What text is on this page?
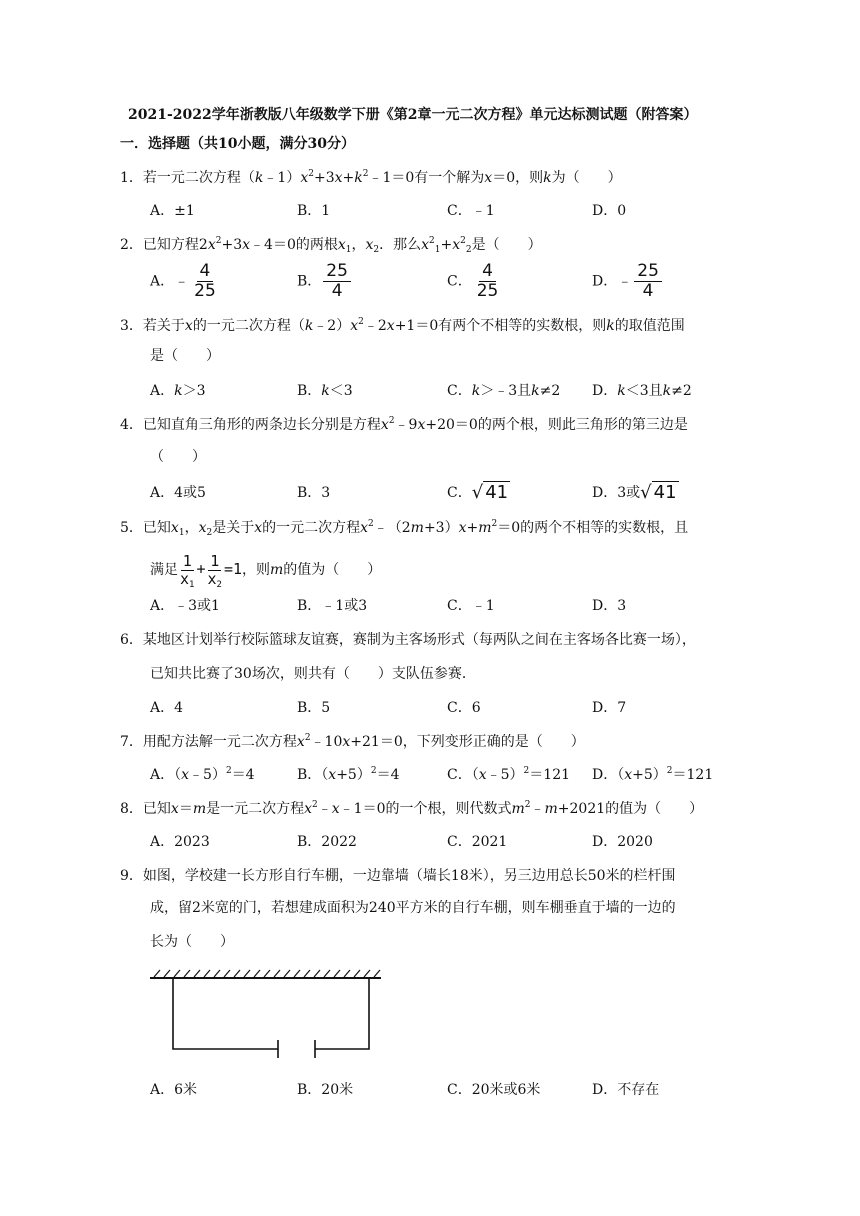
2021-2022学年浙教版八年级数学下册《第2章一元二次方程》单元达标测试题（附答案）
一．选择题（共10小题，满分30分）
1．若一元二次方程$(k﹣1)x^2+3x+k^2﹣1=0$有一个解为x＝0，则k为（　　）
A．±1	B．1	C．﹣1	D．0
2．已知方程$2x^2+3x﹣4=0$的两根$x_1$，$x_2$．那么$x^2_1+x^2_2$是（　　）
A．﹣ $\frac{4}{25}$	B． $\frac{25}{4}$	C． $\frac{4}{25}$	D．﹣ $\frac{25}{4}$
3．若关于x的一元二次方程$(k﹣2)x^2﹣2x+1=0$有两个不相等的实数根，则k的取值范围
是（　　）
A．k＞3	B．k＜3	C．k＞﹣3且k≠2 D．k＜3且k≠2
4．已知直角三角形的两条边长分别是方程$x^2﹣9x+20=0$的两个根，则此三角形的第三边是
（　　）
A．4或5	B．3	C．√ 41	D．3或√ 41
5．已知$x_1$，$x_2$是关于x的一元二次方程$x^2﹣(2m+3)x+m^2=0$的两个不相等的实数根，且
满足 $\frac{1}{x_1} + \frac{1}{x_2} =1$，则m的值为（　　）
A．﹣3或1	B．﹣1或3	C．﹣1	D．3
6．某地区计划举行校际篮球友谊赛，赛制为主客场形式（每两队之间在主客场各比赛一场），
已知共比赛了30场次，则共有（　　）支队伍参赛．
A．4	B．5	C．6	D．7
7．用配方法解一元二次方程$x^2﹣10x+21=0$，下列变形正确的是（　　）
A．（x﹣5）$^2$＝4	B．$(x+5)^2=4$	C．（x﹣5）$^2$＝121 D．$(x+5)^2=121$
8．已知x＝m是一元二次方程$x^2﹣x﹣1=0$的一个根，则代数式$m^2﹣m+2021$的值为（　　）
A．2023	B．2022	C．2021	D．2020
9．如图，学校建一长方形自行车棚，一边靠墙（墙长18米），另三边用总长50米的栏杆围
成，留2米宽的门，若想建成面积为240平方米的自行车棚，则车棚垂直于墙的一边的
长为（　　）
A．6米	B．20米	C．20米或6米	D．不存在
